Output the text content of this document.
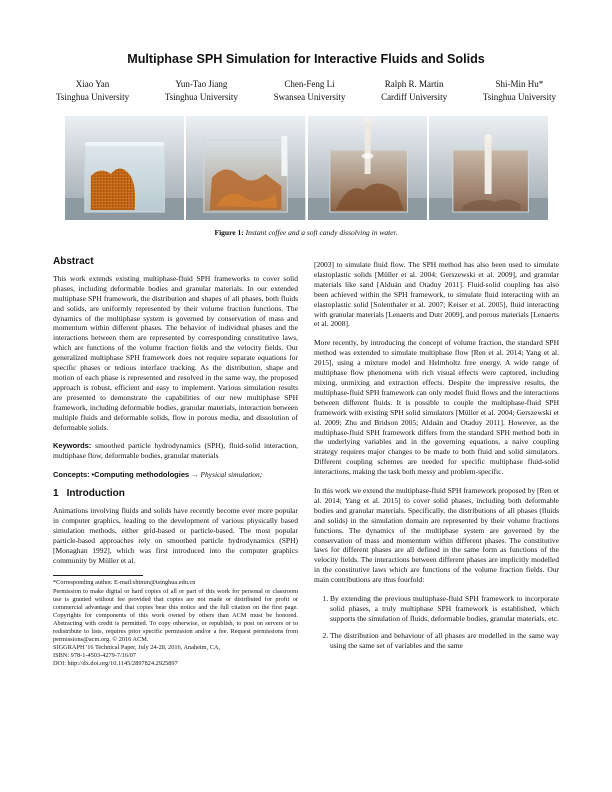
Multiphase SPH Simulation for Interactive Fluids and Solids
Xiao Yan
Tsinghua University
Yun-Tao Jiang
Tsinghua University
Chen-Feng Li
Swansea University
Ralph R. Martin
Cardiff University
Shi-Min Hu*
Tsinghua University
Figure 1: Instant coffee and a soft candy dissolving in water.
Abstract

This work extends existing multiphase-fluid SPH frameworks to cover solid phases, including deformable bodies and granular materials. In our extended multiphase SPH framework, the distribution and shapes of all phases, both fluids and solids, are uniformly represented by their volume fraction functions. The dynamics of the multiphase system is governed by conservation of mass and momentum within different phases. The behavior of individual phases and the interactions between them are represented by corresponding constitutive laws, which are functions of the volume fraction fields and the velocity fields. Our generalized multiphase SPH framework does not require separate equations for specific phases or tedious interface tracking. As the distribution, shape and motion of each phase is represented and resolved in the same way, the proposed approach is robust, efficient and easy to implement. Various simulation results are presented to demonstrate the capabilities of our new multiphase SPH framework, including deformable bodies, granular materials, interaction between multiple fluids and deformable solids, flow in porous media, and dissolution of deformable solids.

Keywords: smoothed particle hydrodynamics (SPH), fluid-solid interaction, multiphase flow, deformable bodies, granular materials

Concepts: •Computing methodologies → Physical simulation;

1 Introduction

Animations involving fluids and solids have recently become ever more popular in computer graphics, leading to the development of various physically based simulation methods, either grid-based or particle-based. The most popular particle-based approaches rely on smoothed particle hydrodynamics (SPH) [Monaghan 1992], which was first introduced into the computer graphics community by Müller et al.

*Corresponding author. E-mail:shimin@tsinghua.edu.cn
Permission to make digital or hard copies of all or part of this work for personal or classroom use is granted without fee provided that copies are not made or distributed for profit or commercial advantage and that copies bear this notice and the full citation on the first page. Copyrights for components of this work owned by others than ACM must be honored. Abstracting with credit is permitted. To copy otherwise, or republish, to post on servers or to redistribute to lists, requires prior specific permission and/or a fee. Request permissions from permissions@acm.org. © 2016 ACM.
SIGGRAPH '16 Technical Paper, July 24-28, 2016, Anaheim, CA,
ISBN: 978-1-4503-4279-7/16/07
DOI: http://dx.doi.org/10.1145/2897824.2925897

[2003] to simulate fluid flow. The SPH method has also been used to simulate elastoplastic solids [Müller et al. 2004; Gerszewski et al. 2009], and granular materials like sand [Alduán and Otaduy 2011]. Fluid-solid coupling has also been achieved within the SPH framework, to simulate fluid interacting with an elastoplastic solid [Solenthaler et al. 2007; Keiser et al. 2005], fluid interacting with granular materials [Lenaerts and Dutr 2009], and porous materials [Lenaerts et al. 2008].

More recently, by introducing the concept of volume fraction, the standard SPH method was extended to simulate multiphase flow [Ren et al. 2014; Yang et al. 2015], using a mixture model and Helmholtz free energy. A wide range of multiphase flow phenomena with rich visual effects were captured, including mixing, unmixing and extraction effects. Despite the impressive results, the multiphase-fluid SPH framework can only model fluid flows and the interactions between different fluids. It is possible to couple the multiphase-fluid SPH framework with existing SPH solid simulators [Müller et al. 2004; Gerszewski et al. 2009; Zhu and Bridson 2005; Alduán and Otaduy 2011]. However, as the multiphase-fluid SPH framework differs from the standard SPH method both in the underlying variables and in the governing equations, a naive coupling strategy requires major changes to be made to both fluid and solid simulators. Different coupling schemes are needed for specific multiphase fluid-solid interactions, making the task both messy and problem-specific.

In this work we extend the multiphase-fluid SPH framework proposed by [Ren et al. 2014; Yang et al. 2015] to cover solid phases, including both deformable bodies and granular materials. Specifically, the distributions of all phases (fluids and solids) in the simulation domain are represented by their volume fractions functions. The dynamics of the multiphase system are governed by the conservation of mass and momentum within different phases. The constitutive laws for different phases are all defined in the same form as functions of the velocity fields. The interactions between different phases are implicitly modelled in the constitutive laws which are functions of the volume fraction fields. Our main contributions are thus fourfold:

1. By extending the previous multiphase-fluid SPH framework to incorporate solid phases, a truly multiphase SPH framework is established, which supports the simulation of fluids, deformable bodies, granular materials, etc.
2. The distribution and behaviour of all phases are modelled in the same way using the same set of variables and the same
